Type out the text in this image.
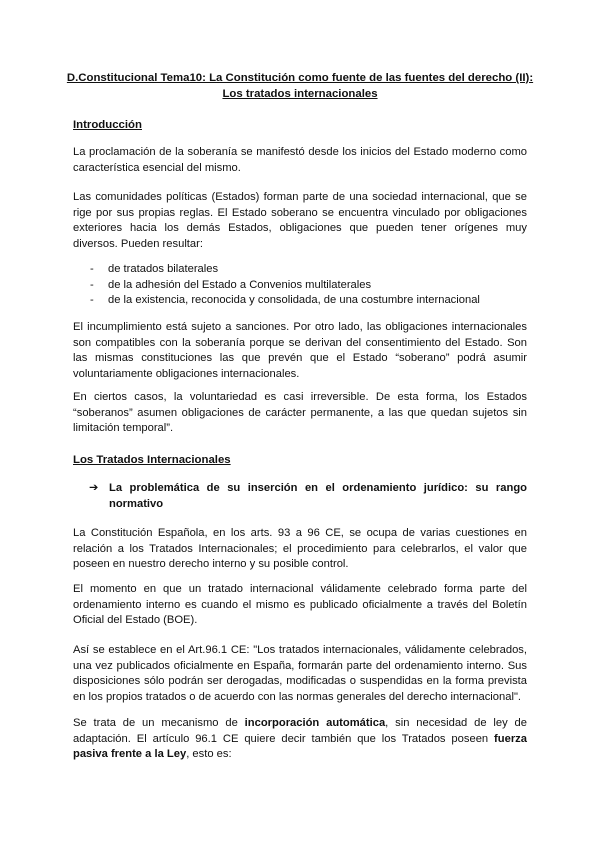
D.Constitucional Tema10: La Constitución como fuente de las fuentes del derecho (II):
Los tratados internacionales
Introducción
La proclamación de la soberanía se manifestó desde los inicios del Estado moderno como característica esencial del mismo.
Las comunidades políticas (Estados) forman parte de una sociedad internacional, que se rige por sus propias reglas. El Estado soberano se encuentra vinculado por obligaciones exteriores hacia los demás Estados, obligaciones que pueden tener orígenes muy diversos. Pueden resultar:
- de tratados bilaterales
- de la adhesión del Estado a Convenios multilaterales
- de la existencia, reconocida y consolidada, de una costumbre internacional
El incumplimiento está sujeto a sanciones. Por otro lado, las obligaciones internacionales son compatibles con la soberanía porque se derivan del consentimiento del Estado. Son las mismas constituciones las que prevén que el Estado “soberano” podrá asumir voluntariamente obligaciones internacionales.
En ciertos casos, la voluntariedad es casi irreversible. De esta forma, los Estados “soberanos” asumen obligaciones de carácter permanente, a las que quedan sujetos sin limitación temporal”.
Los Tratados Internacionales
➔ La problemática de su inserción en el ordenamiento jurídico: su rango normativo
La Constitución Española, en los arts. 93 a 96 CE, se ocupa de varias cuestiones en relación a los Tratados Internacionales; el procedimiento para celebrarlos, el valor que poseen en nuestro derecho interno y su posible control.
El momento en que un tratado internacional válidamente celebrado forma parte del ordenamiento interno es cuando el mismo es publicado oficialmente a través del Boletín Oficial del Estado (BOE).
Así se establece en el Art.96.1 CE: "Los tratados internacionales, válidamente celebrados, una vez publicados oficialmente en España, formarán parte del ordenamiento interno. Sus disposiciones sólo podrán ser derogadas, modificadas o suspendidas en la forma prevista en los propios tratados o de acuerdo con las normas generales del derecho internacional".
Se trata de un mecanismo de incorporación automática, sin necesidad de ley de adaptación. El artículo 96.1 CE quiere decir también que los Tratados poseen fuerza pasiva frente a la Ley, esto es:
